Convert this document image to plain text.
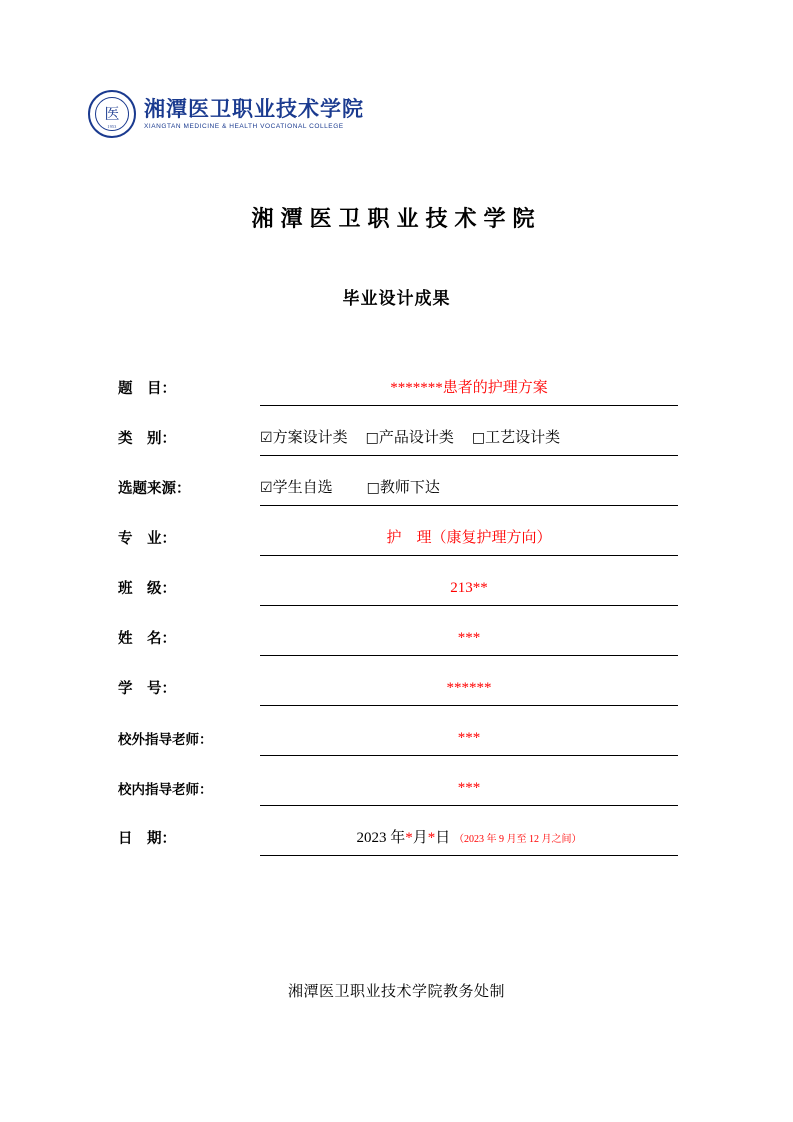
医
1953
湘潭医卫职业技术学院
XIANGTAN MEDICINE & HEALTH VOCATIONAL COLLEGE
湘潭医卫职业技术学院
毕业设计成果
题　目：	*******患者的护理方案
类　别：	☑方案设计类 □产品设计类 □工艺设计类
选题来源：	☑学生自选 □教师下达
专　业：	护　理（康复护理方向）
班　级：	213**
姓　名：	***
学　号：	******
校外指导老师：	***
校内指导老师：	***
日　期：	2023 年*月*日 （2023 年 9 月至 12 月之间）
湘潭医卫职业技术学院教务处制
